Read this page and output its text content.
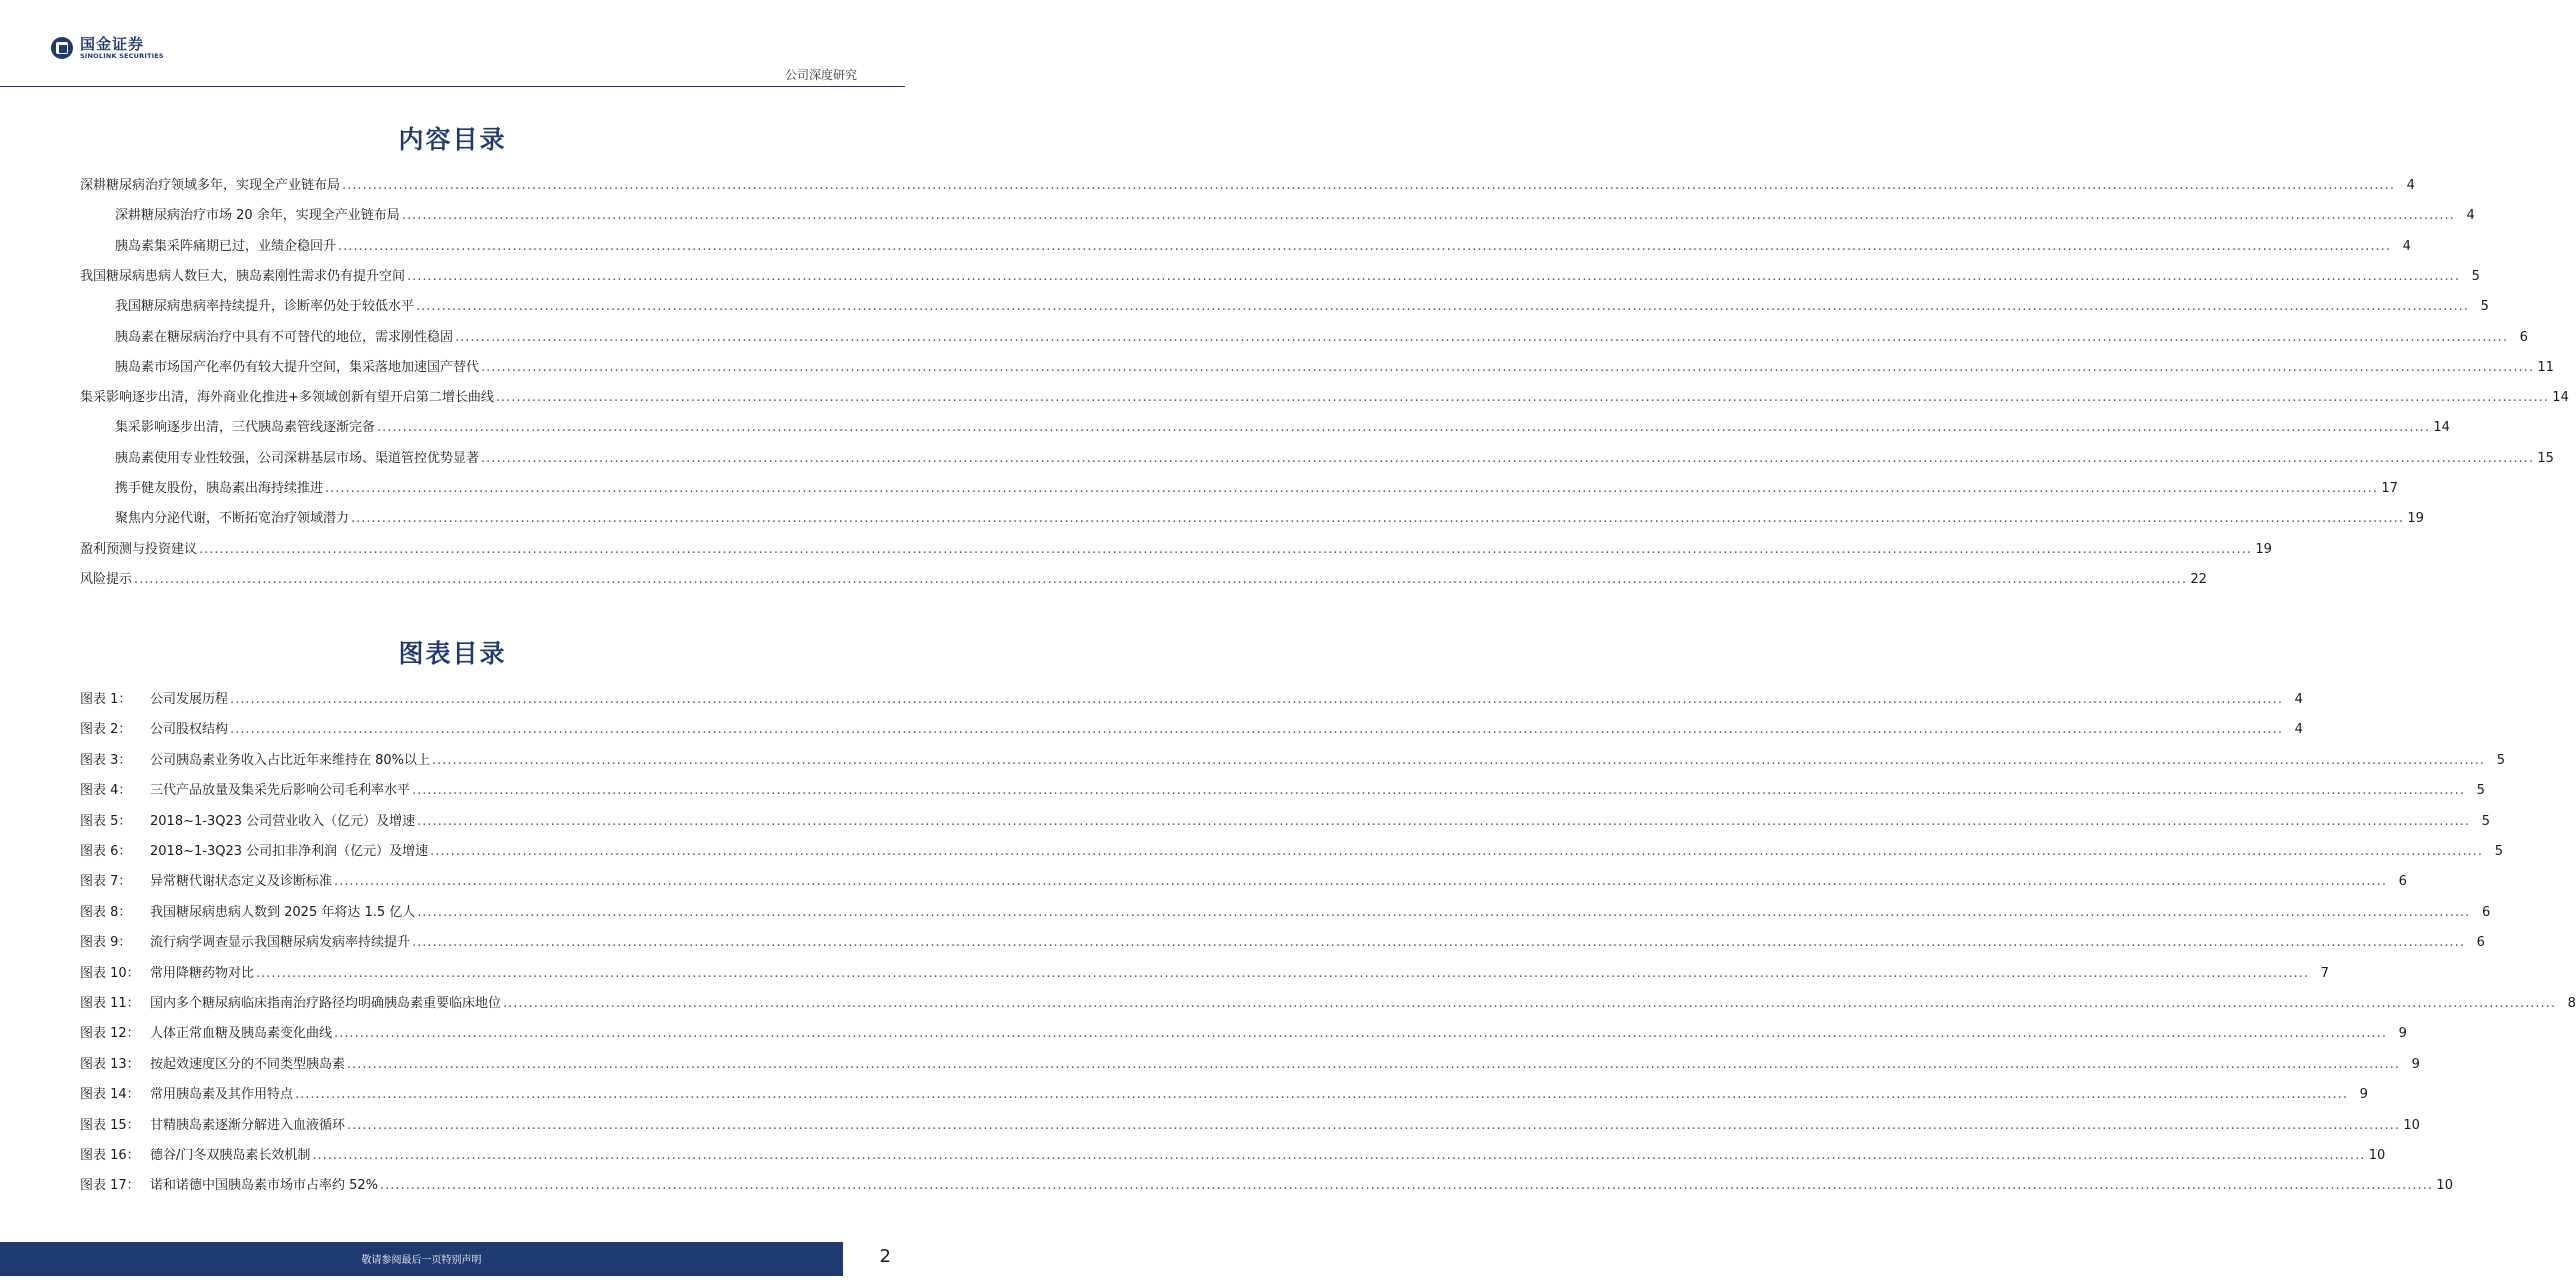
国金证券
SINOLINK SECURITIES
公司深度研究
内容目录
深耕糖尿病治疗领域多年，实现全产业链布局 ................................................................................................................................................................................................................................................................................................................................................................................................................ 4
深耕糖尿病治疗市场 20 余年，实现全产业链布局 ................................................................................................................................................................................................................................................................................................................................................................................................................ 4
胰岛素集采阵痛期已过，业绩企稳回升 ................................................................................................................................................................................................................................................................................................................................................................................................................ 4
我国糖尿病患病人数巨大，胰岛素刚性需求仍有提升空间 ................................................................................................................................................................................................................................................................................................................................................................................................................ 5
我国糖尿病患病率持续提升，诊断率仍处于较低水平 ................................................................................................................................................................................................................................................................................................................................................................................................................ 5
胰岛素在糖尿病治疗中具有不可替代的地位，需求刚性稳固 ................................................................................................................................................................................................................................................................................................................................................................................................................ 6
胰岛素市场国产化率仍有较大提升空间，集采落地加速国产替代 ................................................................................................................................................................................................................................................................................................................................................................................................................ 11
集采影响逐步出清，海外商业化推进+多领域创新有望开启第二增长曲线 ................................................................................................................................................................................................................................................................................................................................................................................................................ 14
集采影响逐步出清，三代胰岛素管线逐渐完备 ................................................................................................................................................................................................................................................................................................................................................................................................................ 14
胰岛素使用专业性较强，公司深耕基层市场、渠道管控优势显著 ................................................................................................................................................................................................................................................................................................................................................................................................................ 15
携手健友股份，胰岛素出海持续推进 ................................................................................................................................................................................................................................................................................................................................................................................................................ 17
聚焦内分泌代谢，不断拓宽治疗领域潜力 ................................................................................................................................................................................................................................................................................................................................................................................................................ 19
盈利预测与投资建议 ................................................................................................................................................................................................................................................................................................................................................................................................................ 19
风险提示 ................................................................................................................................................................................................................................................................................................................................................................................................................ 22
图表目录
图表 1：	公司发展历程 ................................................................................................................................................................................................................................................................................................................................................................................................................ 4
图表 2：	公司股权结构 ................................................................................................................................................................................................................................................................................................................................................................................................................ 4
图表 3：	公司胰岛素业务收入占比近年来维持在 80%以上 ................................................................................................................................................................................................................................................................................................................................................................................................................ 5
图表 4：	三代产品放量及集采先后影响公司毛利率水平 ................................................................................................................................................................................................................................................................................................................................................................................................................ 5
图表 5：	2018~1-3Q23 公司营业收入（亿元）及增速 ................................................................................................................................................................................................................................................................................................................................................................................................................ 5
图表 6：	2018~1-3Q23 公司扣非净利润（亿元）及增速 ................................................................................................................................................................................................................................................................................................................................................................................................................ 5
图表 7：	异常糖代谢状态定义及诊断标准 ................................................................................................................................................................................................................................................................................................................................................................................................................ 6
图表 8：	我国糖尿病患病人数到 2025 年将达 1.5 亿人 ................................................................................................................................................................................................................................................................................................................................................................................................................ 6
图表 9：	流行病学调查显示我国糖尿病发病率持续提升 ................................................................................................................................................................................................................................................................................................................................................................................................................ 6
图表 10： 常用降糖药物对比 ................................................................................................................................................................................................................................................................................................................................................................................................................ 7
图表 11： 国内多个糖尿病临床指南治疗路径均明确胰岛素重要临床地位 ................................................................................................................................................................................................................................................................................................................................................................................................................ 8
图表 12： 人体正常血糖及胰岛素变化曲线 ................................................................................................................................................................................................................................................................................................................................................................................................................ 9
图表 13： 按起效速度区分的不同类型胰岛素 ................................................................................................................................................................................................................................................................................................................................................................................................................ 9
图表 14： 常用胰岛素及其作用特点 ................................................................................................................................................................................................................................................................................................................................................................................................................ 9
图表 15： 甘精胰岛素逐渐分解进入血液循环 ................................................................................................................................................................................................................................................................................................................................................................................................................ 10
图表 16： 德谷/门冬双胰岛素长效机制 ................................................................................................................................................................................................................................................................................................................................................................................................................ 10
图表 17： 诺和诺德中国胰岛素市场市占率约 52% ................................................................................................................................................................................................................................................................................................................................................................................................................ 10
敬请参阅最后一页特别声明	2
